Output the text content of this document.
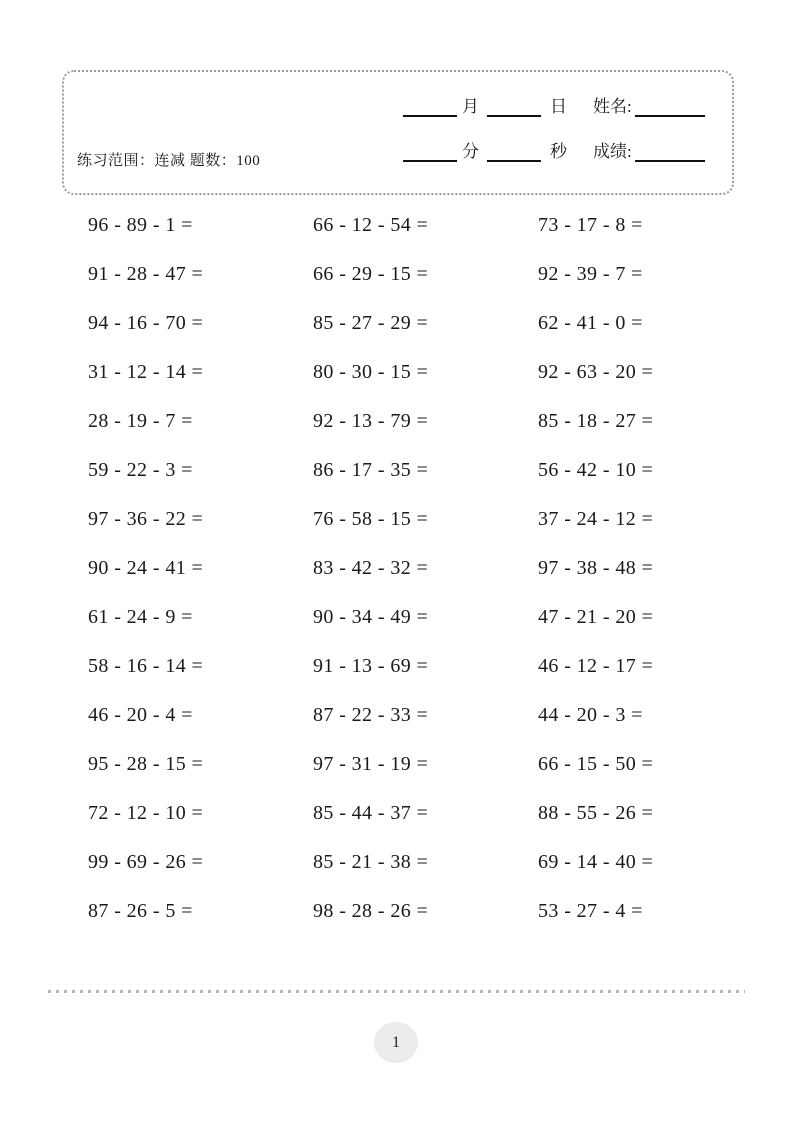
练习范围：连减 题数：100
月	日 姓名:
分	秒 成绩:
96 - 89 - 1 =	66 - 12 - 54 =	73 - 17 - 8 =
91 - 28 - 47 =	66 - 29 - 15 =	92 - 39 - 7 =
94 - 16 - 70 =	85 - 27 - 29 =	62 - 41 - 0 =
31 - 12 - 14 =	80 - 30 - 15 =	92 - 63 - 20 =
28 - 19 - 7 =	92 - 13 - 79 =	85 - 18 - 27 =
59 - 22 - 3 =	86 - 17 - 35 =	56 - 42 - 10 =
97 - 36 - 22 =	76 - 58 - 15 =	37 - 24 - 12 =
90 - 24 - 41 =	83 - 42 - 32 =	97 - 38 - 48 =
61 - 24 - 9 =	90 - 34 - 49 =	47 - 21 - 20 =
58 - 16 - 14 =	91 - 13 - 69 =	46 - 12 - 17 =
46 - 20 - 4 =	87 - 22 - 33 =	44 - 20 - 3 =
95 - 28 - 15 =	97 - 31 - 19 =	66 - 15 - 50 =
72 - 12 - 10 =	85 - 44 - 37 =	88 - 55 - 26 =
99 - 69 - 26 =	85 - 21 - 38 =	69 - 14 - 40 =
87 - 26 - 5 =	98 - 28 - 26 =	53 - 27 - 4 =
1
